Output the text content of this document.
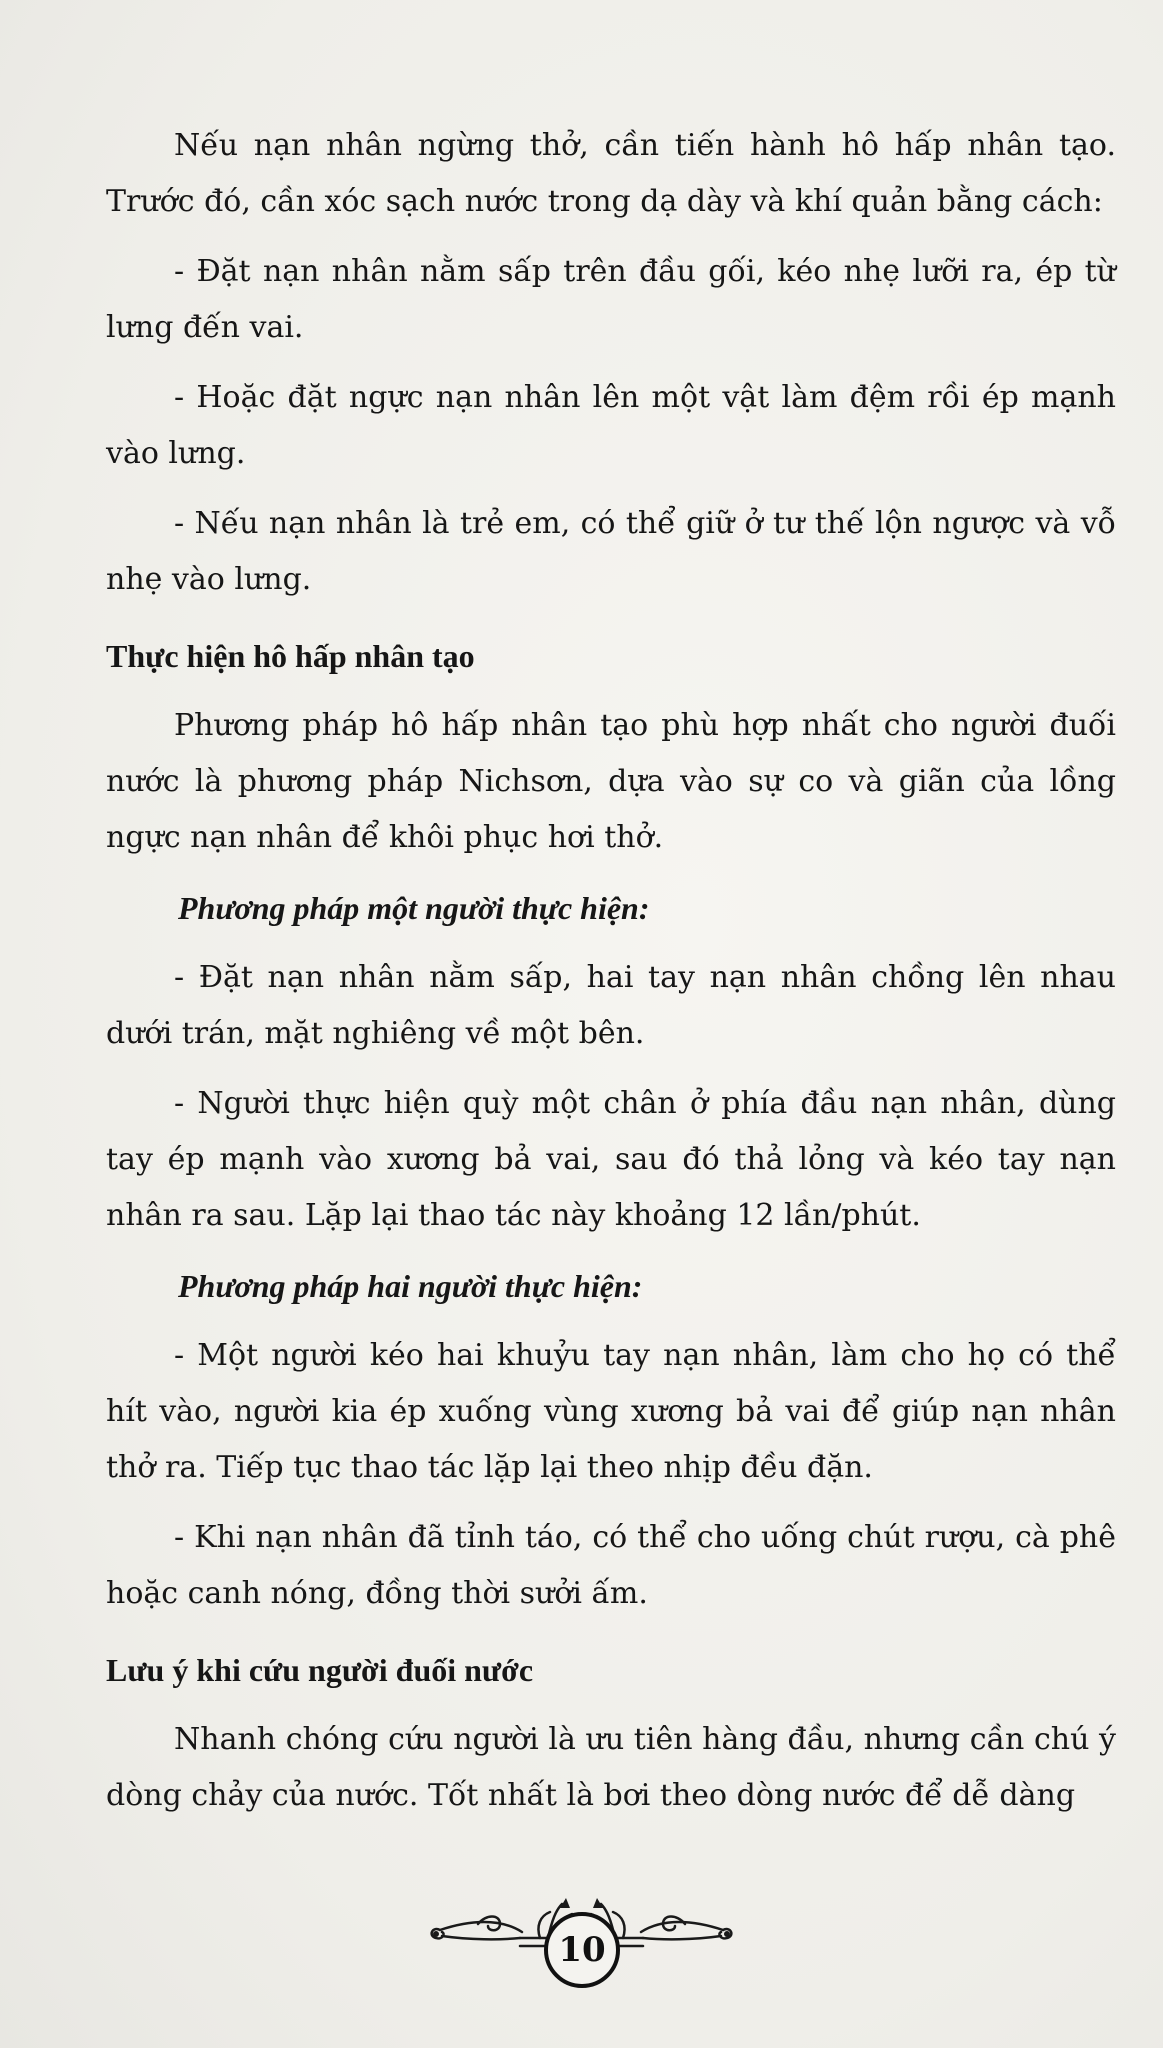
Nếu nạn nhân ngừng thở, cần tiến hành hô hấp nhân tạo. Trước đó, cần xóc sạch nước trong dạ dày và khí quản bằng cách:

- Đặt nạn nhân nằm sấp trên đầu gối, kéo nhẹ lưỡi ra, ép từ lưng đến vai.

- Hoặc đặt ngực nạn nhân lên một vật làm đệm rồi ép mạnh vào lưng.

- Nếu nạn nhân là trẻ em, có thể giữ ở tư thế lộn ngược và vỗ nhẹ vào lưng.

Thực hiện hô hấp nhân tạo

Phương pháp hô hấp nhân tạo phù hợp nhất cho người đuối nước là phương pháp Nichsơn, dựa vào sự co và giãn của lồng ngực nạn nhân để khôi phục hơi thở.

Phương pháp một người thực hiện:

- Đặt nạn nhân nằm sấp, hai tay nạn nhân chồng lên nhau dưới trán, mặt nghiêng về một bên.

- Người thực hiện quỳ một chân ở phía đầu nạn nhân, dùng tay ép mạnh vào xương bả vai, sau đó thả lỏng và kéo tay nạn nhân ra sau. Lặp lại thao tác này khoảng 12 lần/phút.

Phương pháp hai người thực hiện:

- Một người kéo hai khuỷu tay nạn nhân, làm cho họ có thể hít vào, người kia ép xuống vùng xương bả vai để giúp nạn nhân thở ra. Tiếp tục thao tác lặp lại theo nhịp đều đặn.

- Khi nạn nhân đã tỉnh táo, có thể cho uống chút rượu, cà phê hoặc canh nóng, đồng thời sưởi ấm.

Lưu ý khi cứu người đuối nước

Nhanh chóng cứu người là ưu tiên hàng đầu, nhưng cần chú ý dòng chảy của nước. Tốt nhất là bơi theo dòng nước để dễ dàng

10
